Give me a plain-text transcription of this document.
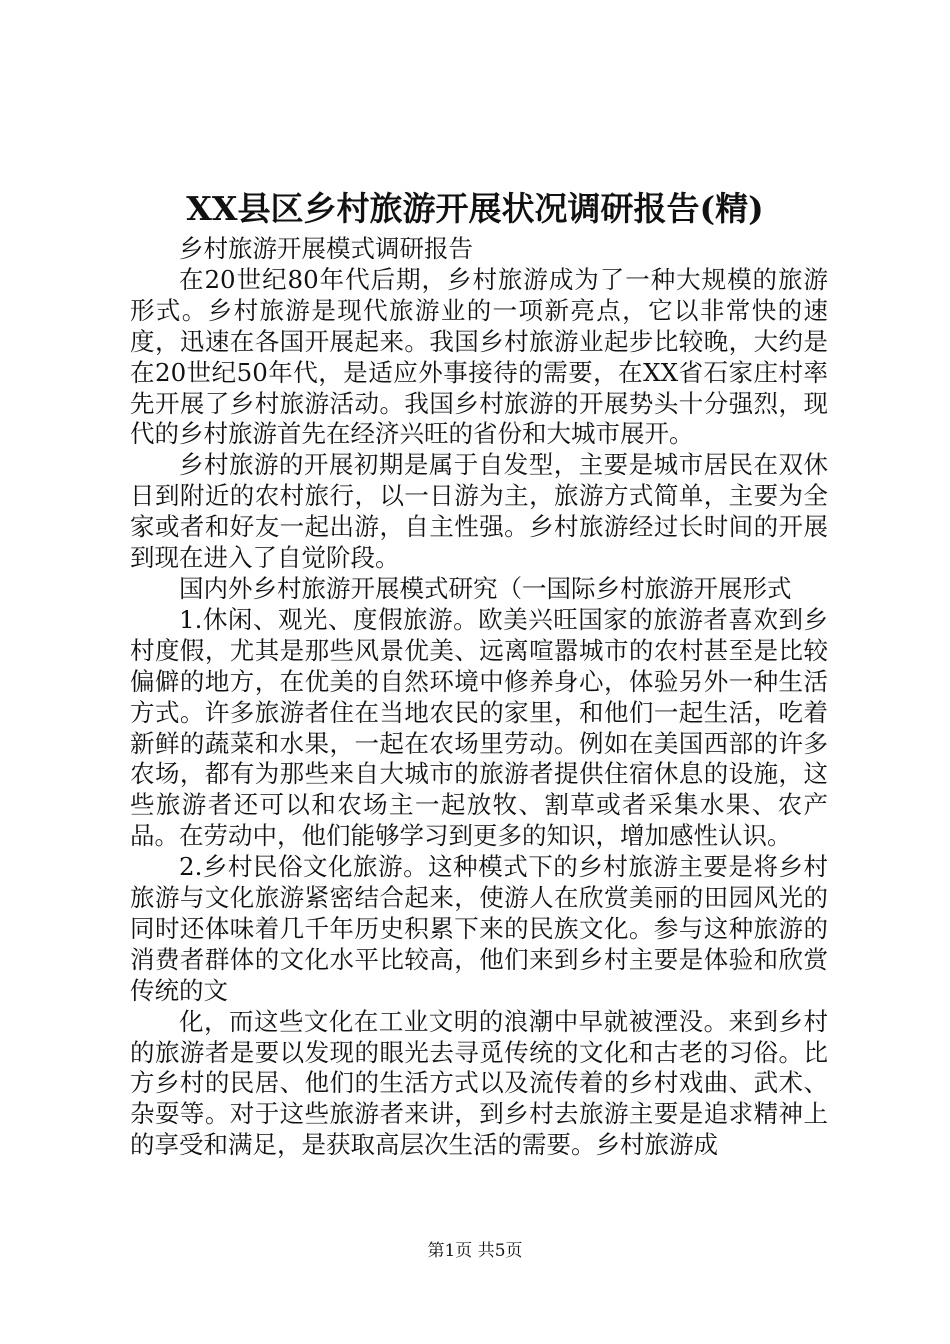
XX县区乡村旅游开展状况调研报告(精)

乡村旅游开展模式调研报告

在20世纪80年代后期，乡村旅游成为了一种大规模的旅游形式。乡村旅游是现代旅游业的一项新亮点，它以非常快的速度，迅速在各国开展起来。我国乡村旅游业起步比较晚，大约是在20世纪50年代，是适应外事接待的需要，在XX省石家庄村率先开展了乡村旅游活动。我国乡村旅游的开展势头十分强烈，现代的乡村旅游首先在经济兴旺的省份和大城市展开。

乡村旅游的开展初期是属于自发型，主要是城市居民在双休日到附近的农村旅行，以一日游为主，旅游方式简单，主要为全家或者和好友一起出游，自主性强。乡村旅游经过长时间的开展到现在进入了自觉阶段。

国内外乡村旅游开展模式研究（一国际乡村旅游开展形式

1.休闲、观光、度假旅游。欧美兴旺国家的旅游者喜欢到乡村度假，尤其是那些风景优美、远离喧嚣城市的农村甚至是比较偏僻的地方，在优美的自然环境中修养身心，体验另外一种生活方式。许多旅游者住在当地农民的家里，和他们一起生活，吃着新鲜的蔬菜和水果，一起在农场里劳动。例如在美国西部的许多农场，都有为那些来自大城市的旅游者提供住宿休息的设施，这些旅游者还可以和农场主一起放牧、割草或者采集水果、农产品。在劳动中，他们能够学习到更多的知识，增加感性认识。

2.乡村民俗文化旅游。这种模式下的乡村旅游主要是将乡村旅游与文化旅游紧密结合起来，使游人在欣赏美丽的田园风光的同时还体味着几千年历史积累下来的民族文化。参与这种旅游的消费者群体的文化水平比较高，他们来到乡村主要是体验和欣赏传统的文

化，而这些文化在工业文明的浪潮中早就被湮没。来到乡村的旅游者是要以发现的眼光去寻觅传统的文化和古老的习俗。比方乡村的民居、他们的生活方式以及流传着的乡村戏曲、武术、杂耍等。对于这些旅游者来讲，到乡村去旅游主要是追求精神上的享受和满足，是获取高层次生活的需要。乡村旅游成

第1页 共5页
